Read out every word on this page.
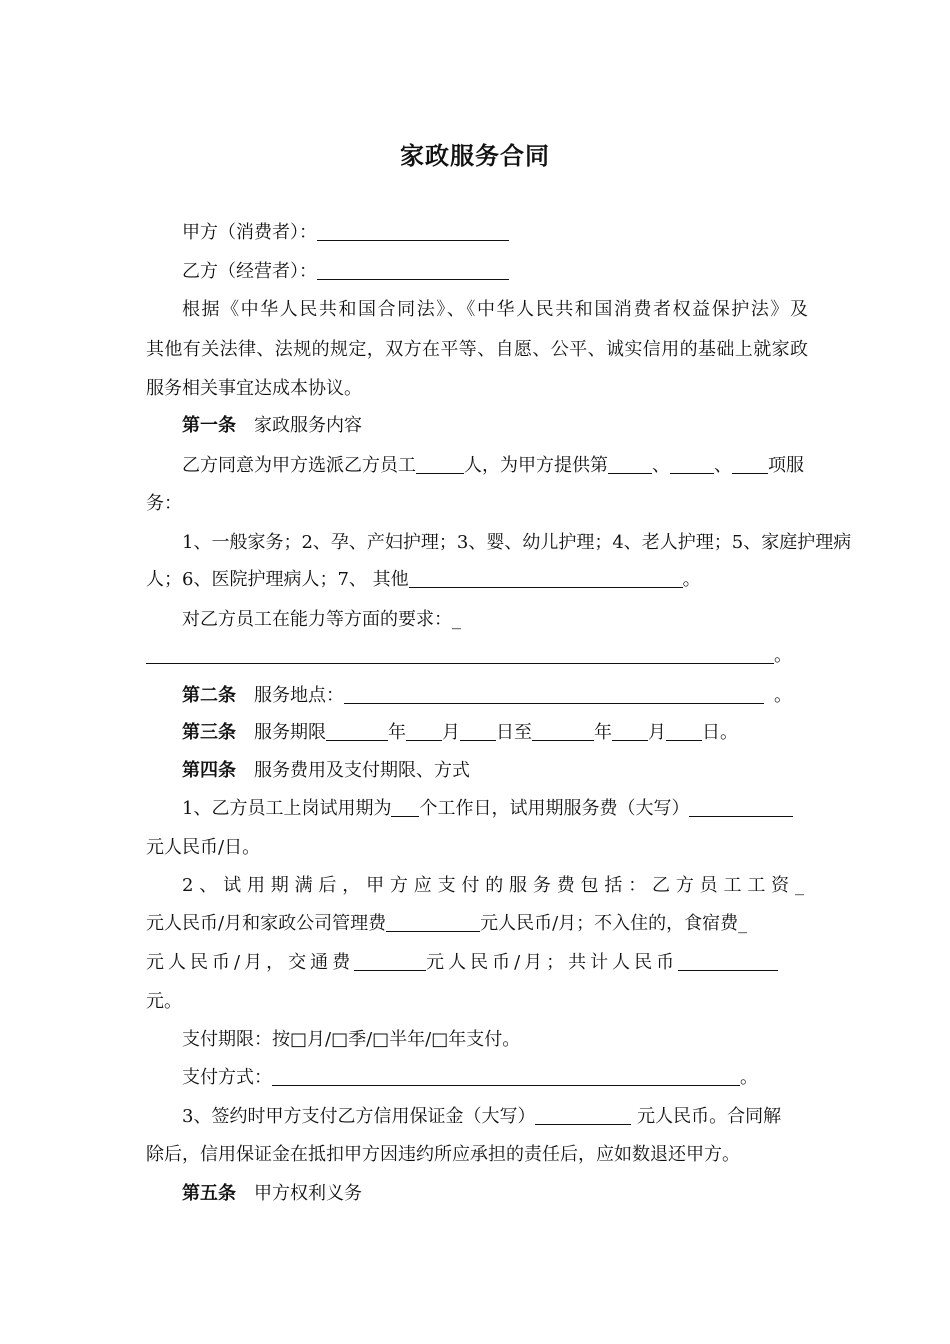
家政服务合同
甲方（消费者）：
乙方（经营者）：
根据《中华人民共和国合同法》、《中华人民共和国消费者权益保护法》及
其他有关法律、法规的规定，双方在平等、自愿、公平、诚实信用的基础上就家政
服务相关事宜达成本协议。
第一条 家政服务内容
乙方同意为甲方选派乙方员工	人，为甲方提供第 、 、 项服
务：
1、一般家务；2、孕、产妇护理；3、婴、幼儿护理；4、老人护理；5、家庭护理病
人；6、医院护理病人；7、 其他	。
对乙方员工在能力等方面的要求：_
。
第二条 服务地点：	。
第三条 服务期限	年 月 日至	年 月 日。
第四条 服务费用及支付期限、方式
1、乙方员工上岗试用期为 个工作日，试用期服务费（大写）
元人民币/日。
2、试用期满后，甲方应支付的服务费包括：乙方员工工资_
元人民币/月和家政公司管理费	元人民币/月；不入住的，食宿费_
元人民币/月，交通费	元人民币/月；共计人民币
元。
支付期限：按□月/□季/□半年/□年支付。
支付方式：	。
3、签约时甲方支付乙方信用保证金（大写）	元人民币。合同解
除后，信用保证金在抵扣甲方因违约所应承担的责任后，应如数退还甲方。
第五条 甲方权利义务
